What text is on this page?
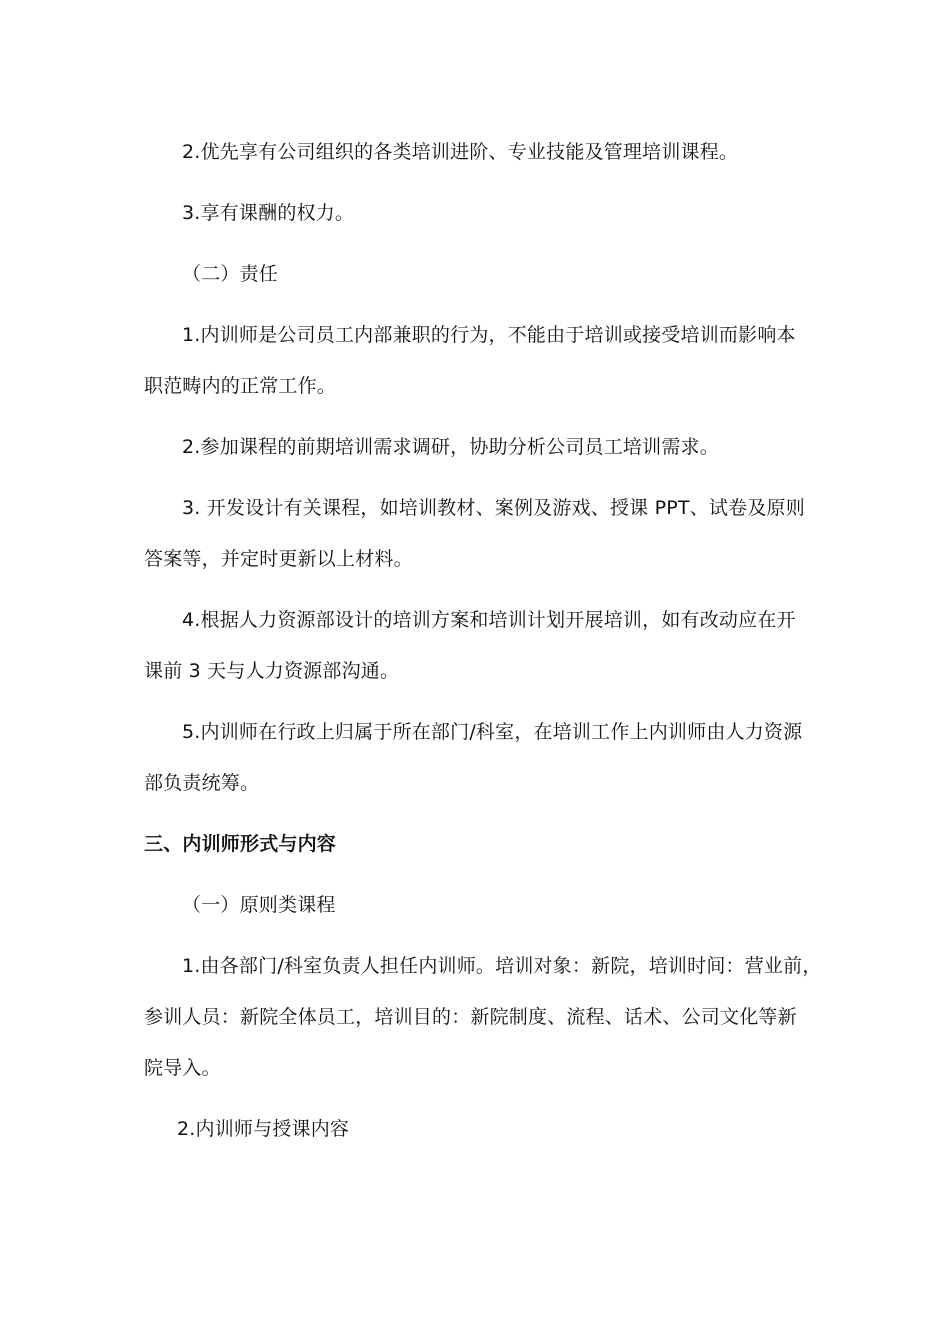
2.优先享有公司组织的各类培训进阶、专业技能及管理培训课程。
3.享有课酬的权力。
（二）责任
1.内训师是公司员工内部兼职的行为，不能由于培训或接受培训而影响本
职范畴内的正常工作。
2.参加课程的前期培训需求调研，协助分析公司员工培训需求。
3. 开发设计有关课程，如培训教材、案例及游戏、授课 PPT、试卷及原则
答案等，并定时更新以上材料。
4.根据人力资源部设计的培训方案和培训计划开展培训，如有改动应在开
课前 3 天与人力资源部沟通。
5.内训师在行政上归属于所在部门/科室，在培训工作上内训师由人力资源
部负责统筹。
三、内训师形式与内容
（一）原则类课程
1.由各部门/科室负责人担任内训师。培训对象：新院，培训时间：营业前，
参训人员：新院全体员工，培训目的：新院制度、流程、话术、公司文化等新
院导入。
2.内训师与授课内容
